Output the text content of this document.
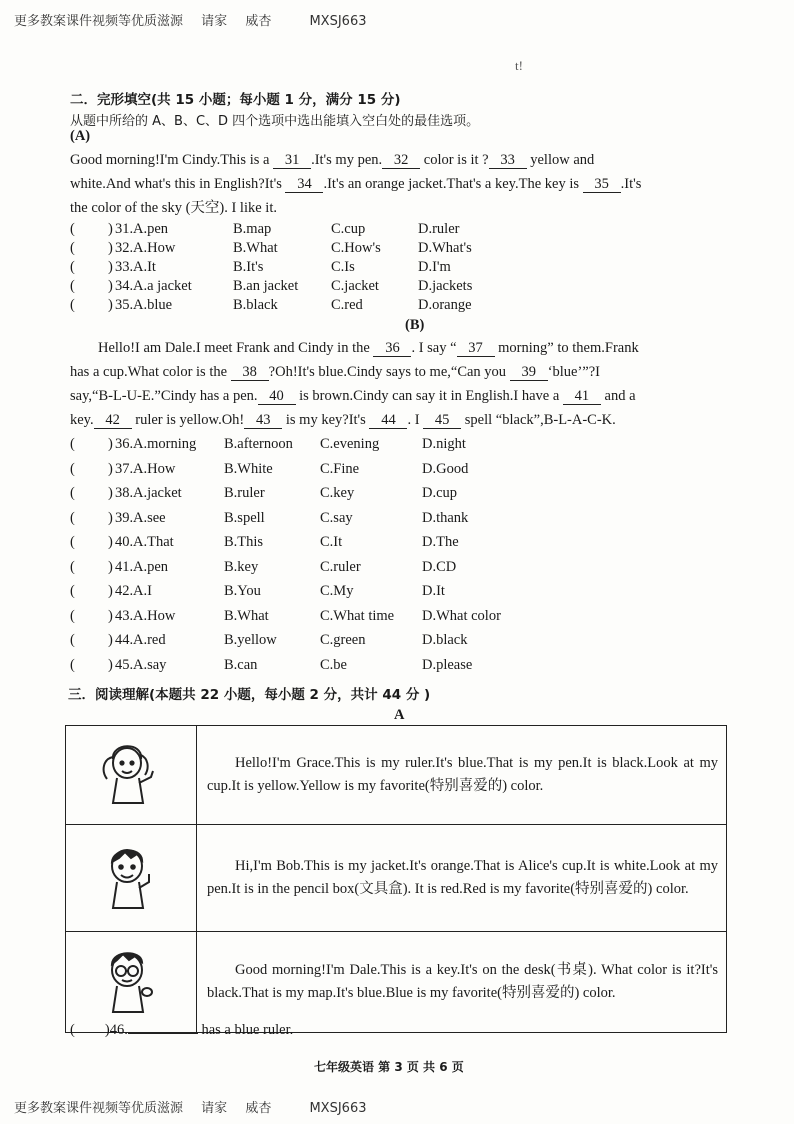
更多教案课件视频等优质滋源 请家 威杏	MXSJ663
t!
二．完形填空(共 15 小题；每小题 1 分，满分 15 分)
从题中所给的 A、B、C、D 四个选项中选出能填入空白处的最佳选项。
(A)
Good morning!I'm Cindy.This is a 31 .It's my pen. 32 color is it ? 33 yellow and
white.And what's this in English?It's 34 .It's an orange jacket.That's a key.The key is 35 .It's
the color of the sky (天空). I like it.
( ) 31. A.pen	B.map	C.cup	D.ruler
( ) 32. A.How	B.What	C.How's	D.What's
( ) 33. A.It	B.It's	C.Is	D.I'm
( ) 34. A.a jacket	B.an jacket C.jacket	D.jackets
( ) 35. A.blue	B.black	C.red	D.orange
(B)
Hello!I am Dale.I meet Frank and Cindy in the 36 . I say “ 37 morning” to them.Frank
has a cup.What color is the 38 ?Oh!It's blue.Cindy says to me,“Can you 39 ‘blue’”?I
say,“B-L-U-E.”Cindy has a pen. 40 is brown.Cindy can say it in English.I have a 41 and a
key. 42 ruler is yellow.Oh! 43 is my key?It's 44 . I 45 spell “black”,B-L-A-C-K.
( ) 36. A.morning B.afternoon C.evening	D.night
( ) 37. A.How	B.White	C.Fine	D.Good
( ) 38. A.jacket	B.ruler	C.key	D.cup
( ) 39. A.see	B.spell	C.say	D.thank
( ) 40. A.That	B.This	C.It	D.The
( ) 41. A.pen	B.key	C.ruler	D.CD
( ) 42. A.I	B.You	C.My	D.It
( ) 43. A.How	B.What	C.What time D.What color
( ) 44. A.red	B.yellow	C.green	D.black
( ) 45. A.say	B.can	C.be	D.please
三．阅读理解(本题共 22 小题，每小题 2 分，共计 44 分 )
A
	Hello!I'm Grace.This is my ruler.It's blue.That is my pen.It is black.Look at my cup.It is yellow.Yellow is my favorite(特别喜爱的) color.
	Hi,I'm Bob.This is my jacket.It's orange.That is Alice's cup.It is white.Look at my pen.It is in the pencil box(文具盒). It is red.Red is my favorite(特别喜爱的) color.
	Good morning!I'm Dale.This is a key.It's on the desk(书桌). What color is it?It's black.That is my map.It's blue.Blue is my favorite(特别喜爱的) color.
( )46.	has a blue ruler.
七年级英语 第 3 页 共 6 页
更多教案课件视频等优质滋源 请家 威杏	MXSJ663
